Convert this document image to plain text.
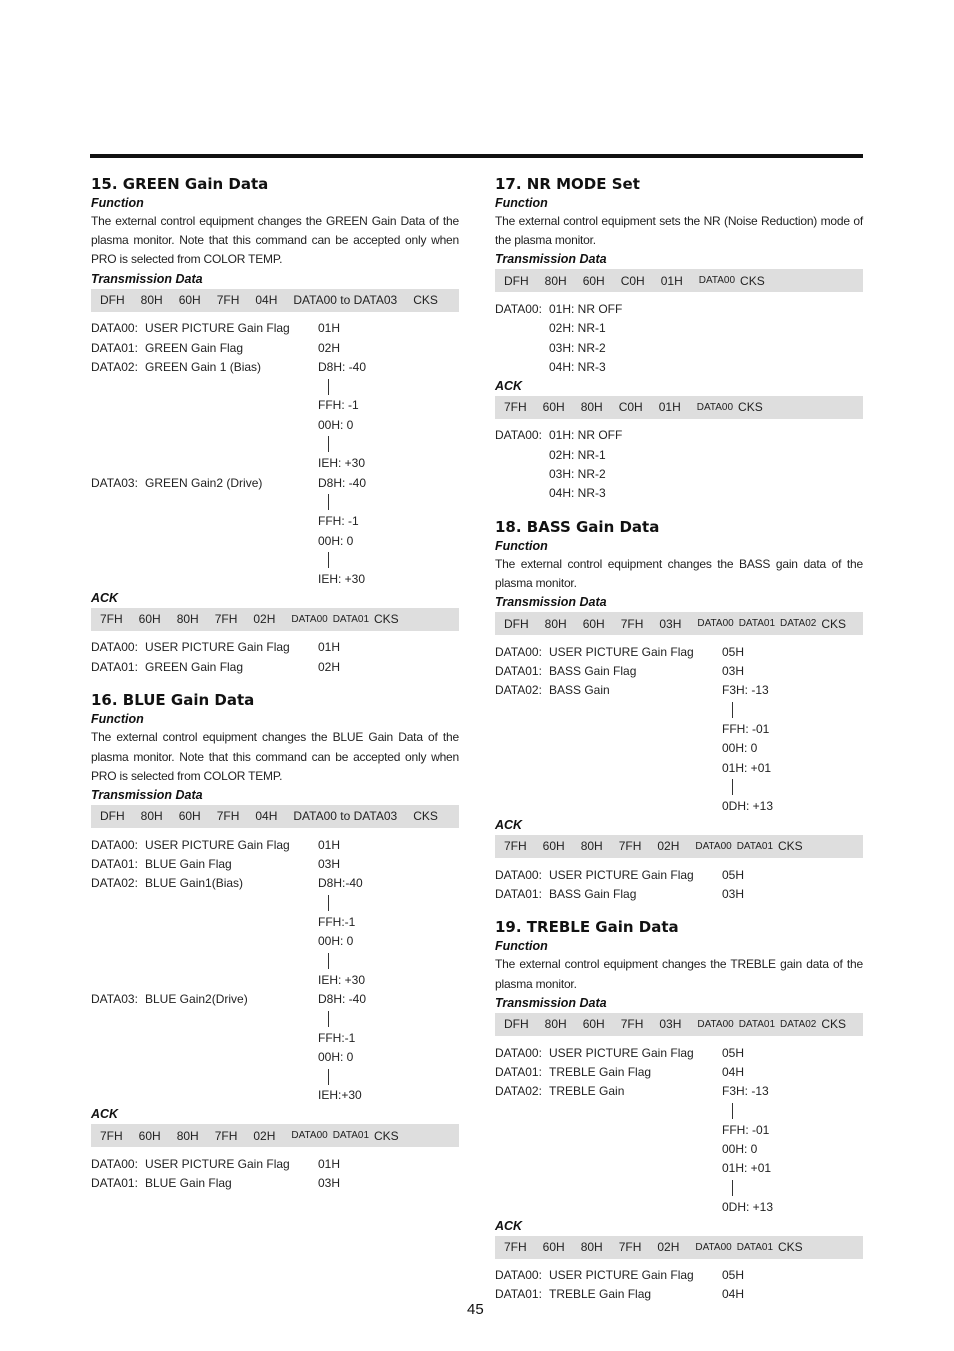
15. GREEN Gain Data
Function
The external control equipment changes the GREEN Gain Data of the plasma monitor. Note that this command can be accepted only when PRO is selected from COLOR TEMP.
Transmission Data
DFH 80H 60H 7FH 04H DATA00 to DATA03 CKS
DATA00: USER PICTURE Gain Flag	01H
DATA01: GREEN Gain Flag	02H
DATA02: GREEN Gain 1 (Bias)	D8H: -40
FFH: -1
00H: 0
IEH: +30
DATA03: GREEN Gain2 (Drive)	D8H: -40
FFH: -1
00H: 0
IEH: +30
ACK
7FH 60H 80H 7FH 02H DATA00 DATA01 CKS
DATA00: USER PICTURE Gain Flag	01H
DATA01: GREEN Gain Flag	02H
16. BLUE Gain Data
Function
The external control equipment changes the BLUE Gain Data of the plasma monitor. Note that this command can be accepted only when PRO is selected from COLOR TEMP.
Transmission Data
DFH 80H 60H 7FH 04H DATA00 to DATA03 CKS
DATA00: USER PICTURE Gain Flag	01H
DATA01: BLUE Gain Flag	03H
DATA02: BLUE Gain1(Bias)	D8H:-40
FFH:-1
00H: 0
IEH: +30
DATA03: BLUE Gain2(Drive)	D8H: -40
FFH:-1
00H: 0
IEH:+30
ACK
7FH 60H 80H 7FH 02H DATA00 DATA01 CKS
DATA00: USER PICTURE Gain Flag	01H
DATA01: BLUE Gain Flag	03H
17. NR MODE Set
Function
The external control equipment sets the NR (Noise Reduction) mode of the plasma monitor.
Transmission Data
DFH 80H 60H C0H 01H DATA00 CKS
DATA00: 01H: NR OFF
02H: NR-1
03H: NR-2
04H: NR-3
ACK
7FH 60H 80H C0H 01H DATA00 CKS
DATA00: 01H: NR OFF
02H: NR-1
03H: NR-2
04H: NR-3
18. BASS Gain Data
Function
The external control equipment changes the BASS gain data of the plasma monitor.
Transmission Data
DFH 80H 60H 7FH 03H DATA00 DATA01 DATA02 CKS
DATA00: USER PICTURE Gain Flag	05H
DATA01: BASS Gain Flag	03H
DATA02: BASS Gain	F3H: -13
FFH: -01
00H: 0
01H: +01
0DH: +13
ACK
7FH 60H 80H 7FH 02H DATA00 DATA01 CKS
DATA00: USER PICTURE Gain Flag	05H
DATA01: BASS Gain Flag	03H
19. TREBLE Gain Data
Function
The external control equipment changes the TREBLE gain data of the plasma monitor.
Transmission Data
DFH 80H 60H 7FH 03H DATA00 DATA01 DATA02 CKS
DATA00: USER PICTURE Gain Flag	05H
DATA01: TREBLE Gain Flag	04H
DATA02: TREBLE Gain	F3H: -13
FFH: -01
00H: 0
01H: +01
0DH: +13
ACK
7FH 60H 80H 7FH 02H DATA00 DATA01 CKS
DATA00: USER PICTURE Gain Flag	05H
DATA01: TREBLE Gain Flag	04H
45
